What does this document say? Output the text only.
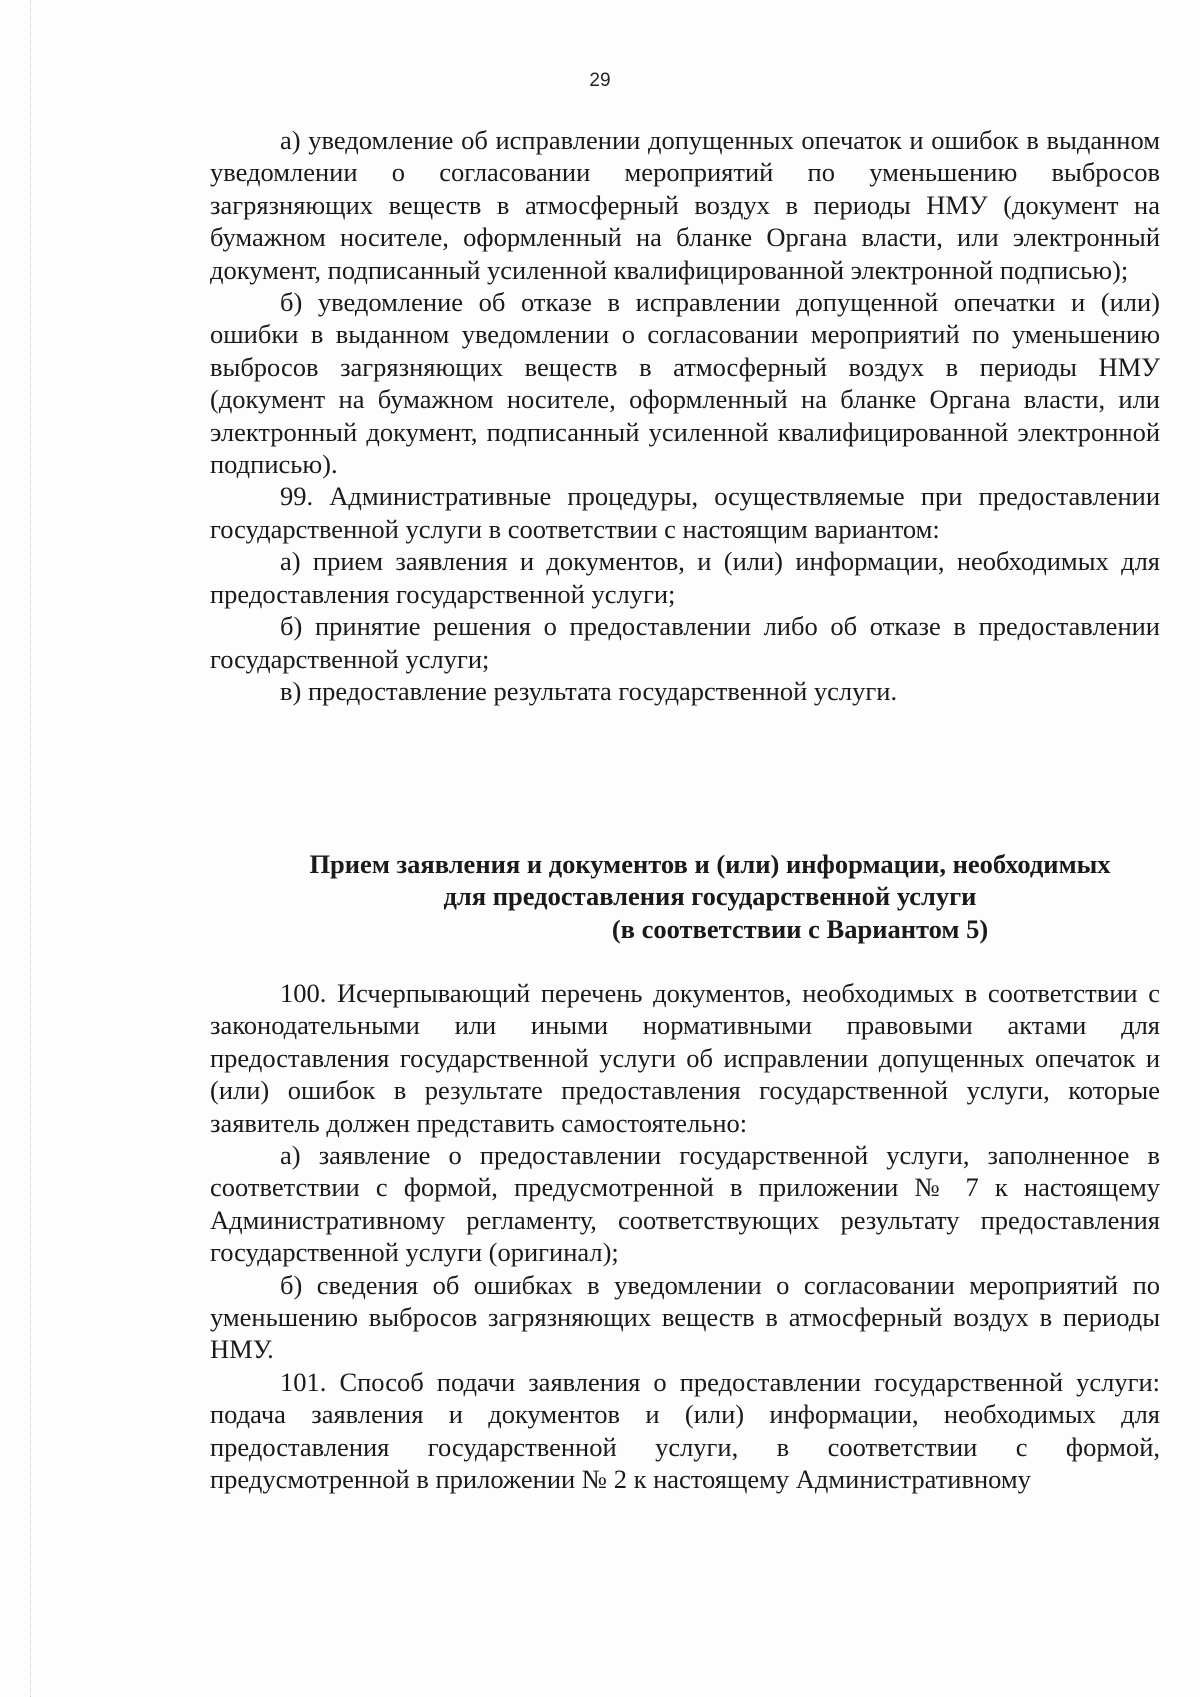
29

а) уведомление об исправлении допущенных опечаток и ошибок в выданном уведомлении о согласовании мероприятий по уменьшению выбросов загрязняющих веществ в атмосферный воздух в периоды НМУ (документ на бумажном носителе, оформленный на бланке Органа власти, или электронный документ, подписанный усиленной квалифицированной электронной подписью);

б) уведомление об отказе в исправлении допущенной опечатки и (или) ошибки в выданном уведомлении о согласовании мероприятий по уменьшению выбросов загрязняющих веществ в атмосферный воздух в периоды НМУ (документ на бумажном носителе, оформленный на бланке Органа власти, или электронный документ, подписанный усиленной квалифицированной электронной подписью).

99. Административные процедуры, осуществляемые при предоставлении государственной услуги в соответствии с настоящим вариантом:

а) прием заявления и документов, и (или) информации, необходимых для предоставления государственной услуги;

б) принятие решения о предоставлении либо об отказе в предоставлении государственной услуги;

в) предоставление результата государственной услуги.

Прием заявления и документов и (или) информации, необходимых
для предоставления государственной услуги
(в соответствии с Вариантом 5)

100. Исчерпывающий перечень документов, необходимых в соответствии с законодательными или иными нормативными правовыми актами для предоставления государственной услуги об исправлении допущенных опечаток и (или) ошибок в результате предоставления государственной услуги, которые заявитель должен представить самостоятельно:

а) заявление о предоставлении государственной услуги, заполненное в соответствии с формой, предусмотренной в приложении № 7 к настоящему Административному регламенту, соответствующих результату предоставления государственной услуги (оригинал);

б) сведения об ошибках в уведомлении о согласовании мероприятий по уменьшению выбросов загрязняющих веществ в атмосферный воздух в периоды НМУ.

101. Способ подачи заявления о предоставлении государственной услуги: подача заявления и документов и (или) информации, необходимых для предоставления государственной услуги, в соответствии с формой, предусмотренной в приложении № 2 к настоящему Административному
